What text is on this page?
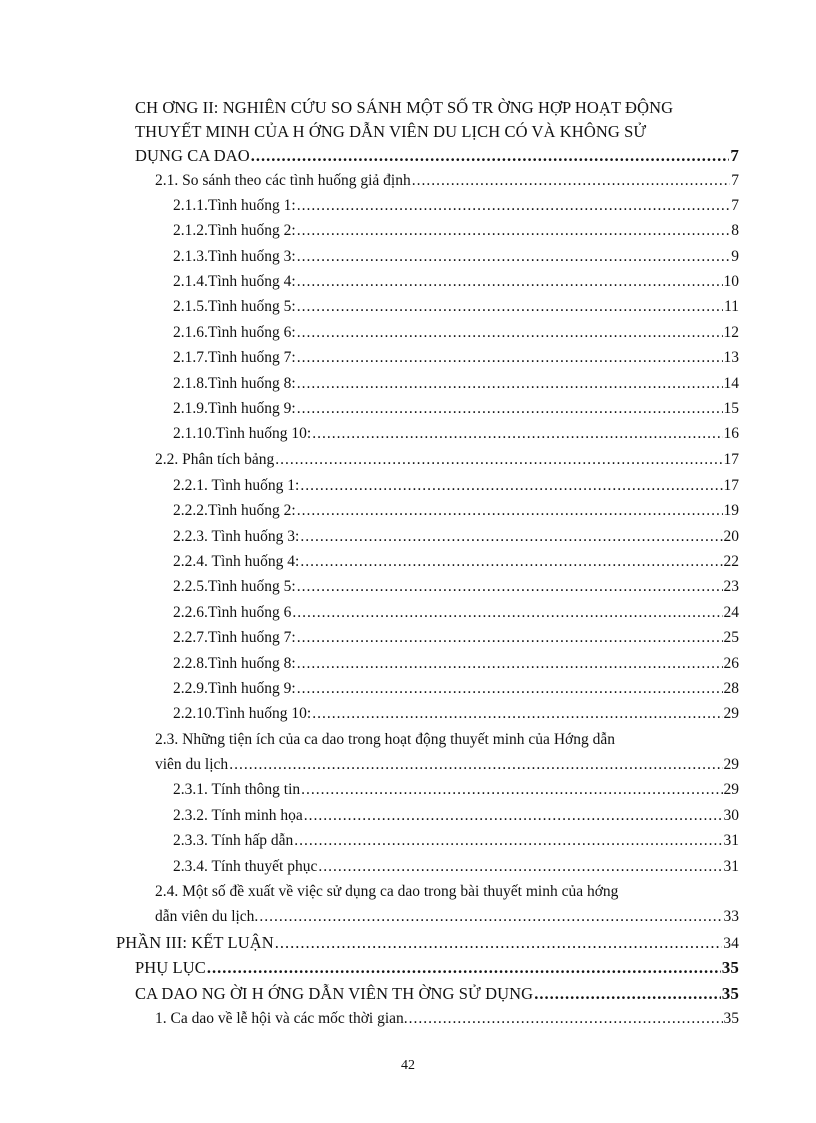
CH ƠNG II: NGHIÊN CỨU SO SÁNH MỘT SỐ TR ỜNG HỢP HOẠT ĐỘNG
THUYẾT MINH CỦA H ỚNG DẪN VIÊN DU LỊCH CÓ VÀ KHÔNG SỬ
DỤNG CA DAO .....	7
2.1. So sánh theo các tình huống giả định .....	7
2.1.1.Tình huống 1: .....	7
2.1.2.Tình huống 2: .....	8
2.1.3.Tình huống 3: .....	9
2.1.4.Tình huống 4: .....	10
2.1.5.Tình huống 5: .....	11
2.1.6.Tình huống 6: .....	12
2.1.7.Tình huống 7: .....	13
2.1.8.Tình huống 8: .....	14
2.1.9.Tình huống 9: .....	15
2.1.10.Tình huống 10: .....	16
2.2. Phân tích bảng .....	17
2.2.1. Tình huống 1: .....	17
2.2.2.Tình huống 2: .....	19
2.2.3. Tình huống 3: .....	20
2.2.4. Tình huống 4: .....	22
2.2.5.Tình huống 5: .....	23
2.2.6.Tình huống 6 .....	24
2.2.7.Tình huống 7: .....	25
2.2.8.Tình huống 8: .....	26
2.2.9.Tình huống 9: .....	28
2.2.10.Tình huống 10: .....	29
2.3. Những tiện ích của ca dao trong hoạt động thuyết minh của Hớng dẫn
viên du lịch .....	29
2.3.1. Tính thông tin .....	29
2.3.2. Tính minh họa .....	30
2.3.3. Tính hấp dẫn .....	31
2.3.4. Tính thuyết phục .....	31
2.4. Một số đề xuất về việc sử dụng ca dao trong bài thuyết minh của hớng
dẫn viên du lịch. .....	33
PHẦN III: KẾT LUẬN .....	34
PHỤ LỤC .....	35
CA DAO NG ỜI H ỚNG DẪN VIÊN TH ỜNG SỬ DỤNG .....	35
1. Ca dao về lễ hội và các mốc thời gian. .....	35
42
